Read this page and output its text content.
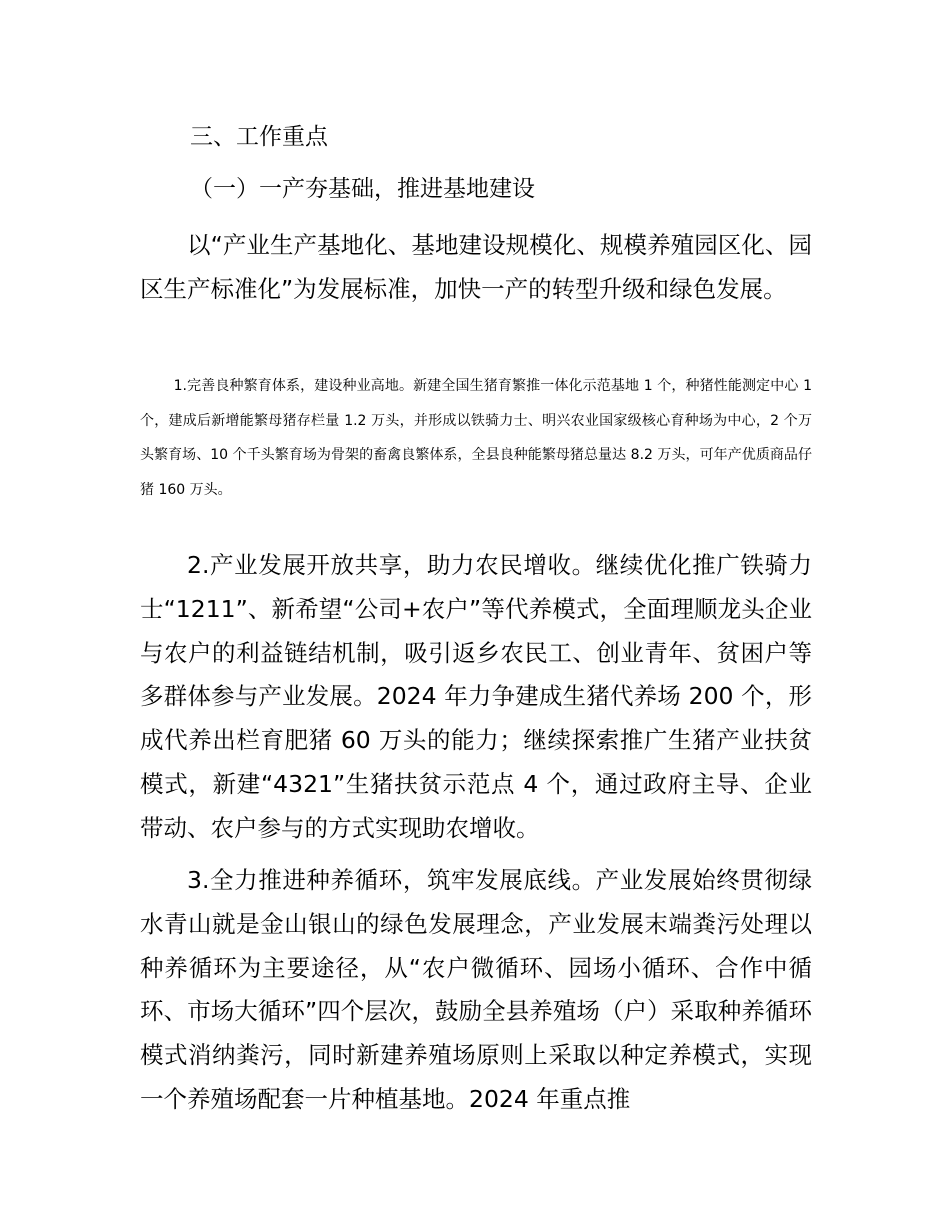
三、工作重点
（一）一产夯基础，推进基地建设

以“产业生产基地化、基地建设规模化、规模养殖园区化、园区生产标准化”为发展标准，加快一产的转型升级和绿色发展。

1.完善良种繁育体系，建设种业高地。新建全国生猪育繁推一体化示范基地 1 个，种猪性能测定中心 1 个，建成后新增能繁母猪存栏量 1.2 万头，并形成以铁骑力士、明兴农业国家级核心育种场为中心，2 个万头繁育场、10 个千头繁育场为骨架的畜禽良繁体系，全县良种能繁母猪总量达 8.2 万头，可年产优质商品仔猪 160 万头。

2.产业发展开放共享，助力农民增收。继续优化推广铁骑力士“1211”、新希望“公司+农户”等代养模式，全面理顺龙头企业与农户的利益链结机制，吸引返乡农民工、创业青年、贫困户等多群体参与产业发展。2024 年力争建成生猪代养场 200 个，形成代养出栏育肥猪 60 万头的能力；继续探索推广生猪产业扶贫模式，新建“4321”生猪扶贫示范点 4 个，通过政府主导、企业带动、农户参与的方式实现助农增收。

3.全力推进种养循环，筑牢发展底线。产业发展始终贯彻绿水青山就是金山银山的绿色发展理念，产业发展末端粪污处理以种养循环为主要途径，从“农户微循环、园场小循环、合作中循环、市场大循环”四个层次，鼓励全县养殖场（户）采取种养循环模式消纳粪污，同时新建养殖场原则上采取以种定养模式，实现一个养殖场配套一片种植基地。2024 年重点推
